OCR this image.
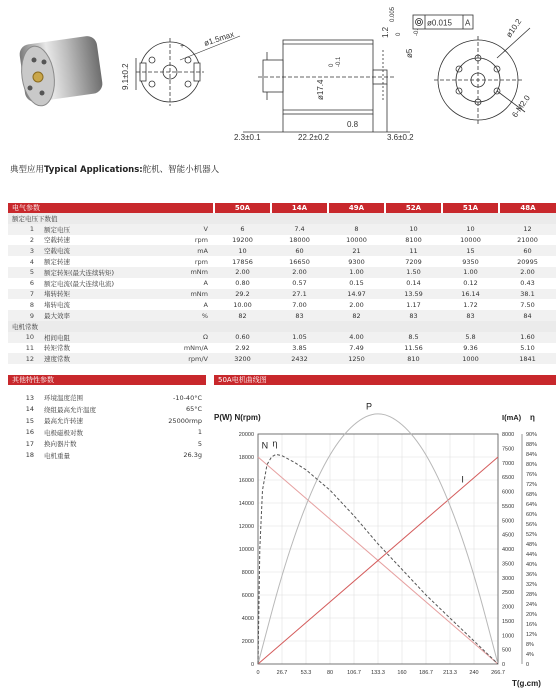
+ ø1.5max
9.1±0.2	ø17.4
0 -0.1
1.2
0.005
0
ø5
ø0.015 A
0.8
2.3±0.1	22.2±0.2	3.6±0.2
ø10.2
6-M2.0
典型应用Typical Applications:舵机、智能小机器人
电气参数			50A	14A	49A	52A	51A	48A
额定电压下数值								
1	额定电压	V	6	7.4	8	10	10	12
2	空载转速	rpm	19200	18000	10000	8100	10000	21000
3	空载电流	mA	10	60	21	11	15	60
4	额定转速	rpm	17856	16650	9300	7209	9350	20995
5	额定转矩(最大连续转矩)	mNm	2.00	2.00	1.00	1.50	1.00	2.00
6	额定电流(最大连续电流)	A	0.80	0.57	0.15	0.14	0.12	0.43
7	堵转转矩	mNm	29.2	27.1	14.97	13.59	16.14	38.1
8	堵转电流	A	10.00	7.00	2.00	1.17	1.72	7.50
9	最大效率	%	82	83	82	83	83	84
电机常数								
10	相间电阻	Ω	0.60	1.05	4.00	8.5	5.8	1.60
11	转矩常数	mNm/A	2.92	3.85	7.49	11.56	9.36	5.10
12	速度常数	rpm/V	3200	2432	1250	810	1000	1841
其他特性参数	50A电机曲线图
13	环境温度范围	-10-40°C
14	绕组最高允许温度	65°C
15	最高允许转速	25000rmp
16	电极磁极对数	1
17	换向器片数	5
18	电机重量	26.3g
0	26.7 53.3	80	106.7 133.3 160 186.7 213.3 240 266.7
0
2000
4000
6000
8000
10000
12000
14000
16000
18000
20000
0
500
1000
1500
2000
2500
3000
3500
4000
4500
5000
5500
6000
6500
7000
7500
8000
0
4%
8%
12%
16%
20%
24%
28%
32%
36%
40%
44%
48%
52%
56%
60%
64%
68%
72%
76%
80%
84%
88%
90%
P(W) N(rpm)	I(mA) η
T(g.cm)
N η
P
I
